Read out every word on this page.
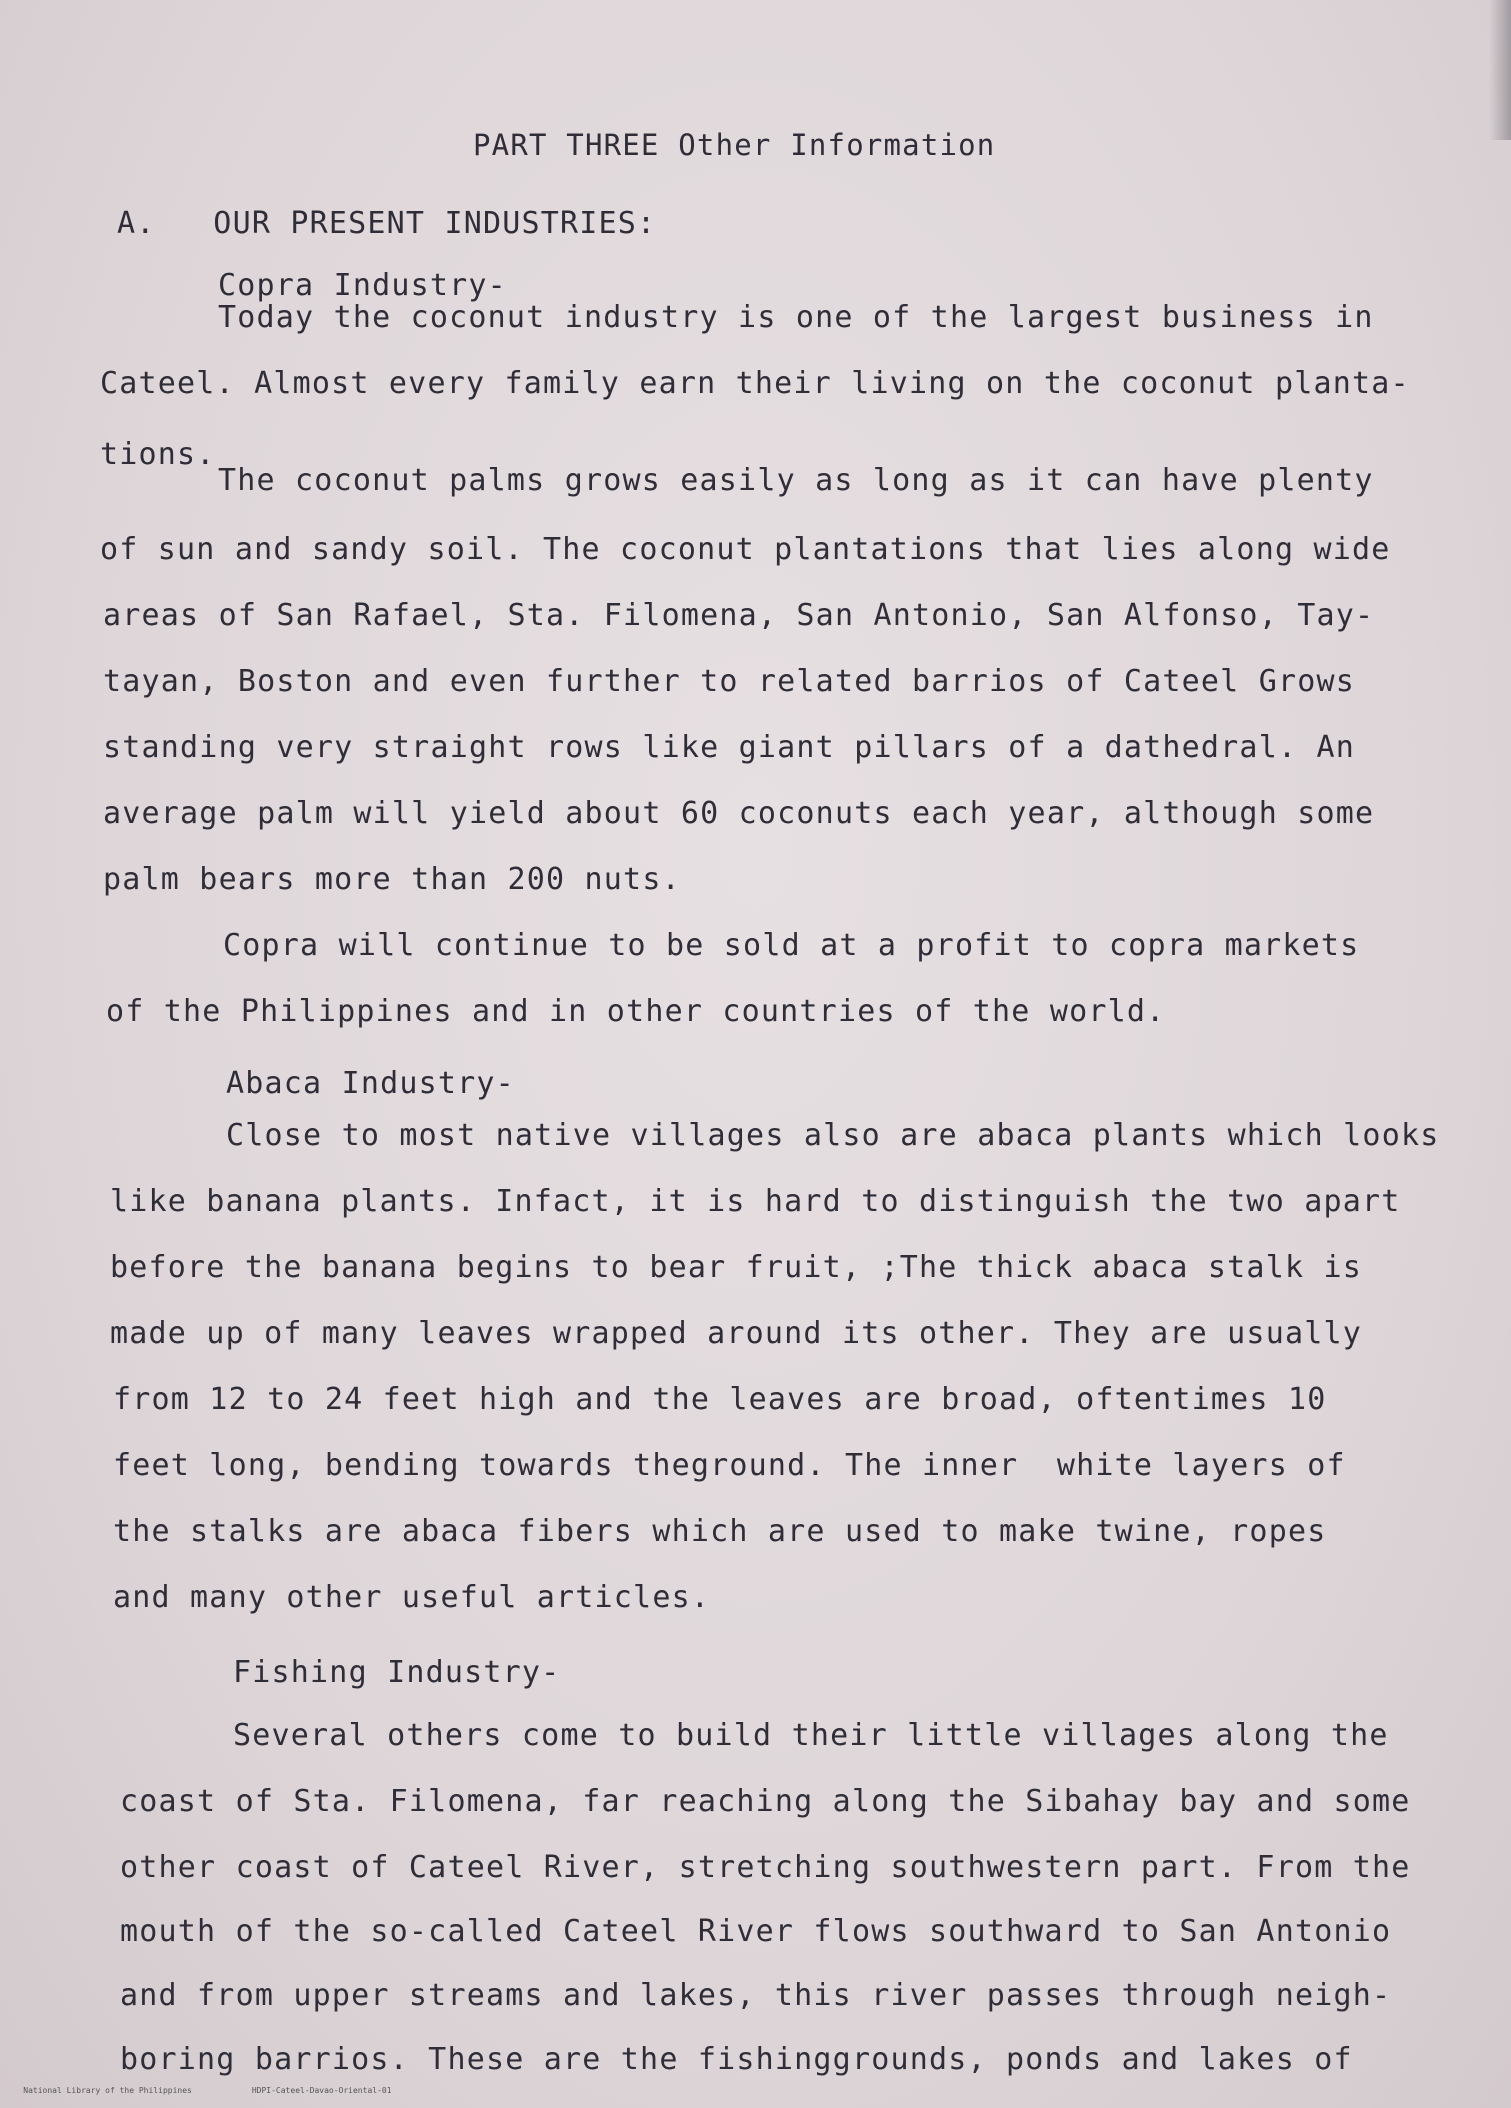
PART THREE Other Information
A.   OUR PRESENT INDUSTRIES:
Copra Industry-
Today the coconut industry is one of the largest business in
Cateel. Almost every family earn their living on the coconut planta-
tions.
The coconut palms grows easily as long as it can have plenty
of sun and sandy soil. The coconut plantations that lies along wide
areas of San Rafael, Sta. Filomena, San Antonio, San Alfonso, Tay-
tayan, Boston and even further to related barrios of Cateel Grows
standing very straight rows like giant pillars of a dathedral. An
average palm will yield about 60 coconuts each year, although some
palm bears more than 200 nuts.
Copra will continue to be sold at a profit to copra markets
of the Philippines and in other countries of the world.
Abaca Industry-
Close to most native villages also are abaca plants which looks
like banana plants. Infact, it is hard to distinguish the two apart
before the banana begins to bear fruit, ;The thick abaca stalk is
made up of many leaves wrapped around its other. They are usually
from 12 to 24 feet high and the leaves are broad, oftentimes 10
feet long, bending towards theground. The inner  white layers of
the stalks are abaca fibers which are used to make twine, ropes
and many other useful articles.
Fishing Industry-
Several others come to build their little villages along the
coast of Sta. Filomena, far reaching along the Sibahay bay and some
other coast of Cateel River, stretching southwestern part. From the
mouth of the so-called Cateel River flows southward to San Antonio
and from upper streams and lakes, this river passes through neigh-
boring barrios. These are the fishinggrounds, ponds and lakes of

National Library of the Philippines	HDPI-Cateel-Davao-Oriental-01
